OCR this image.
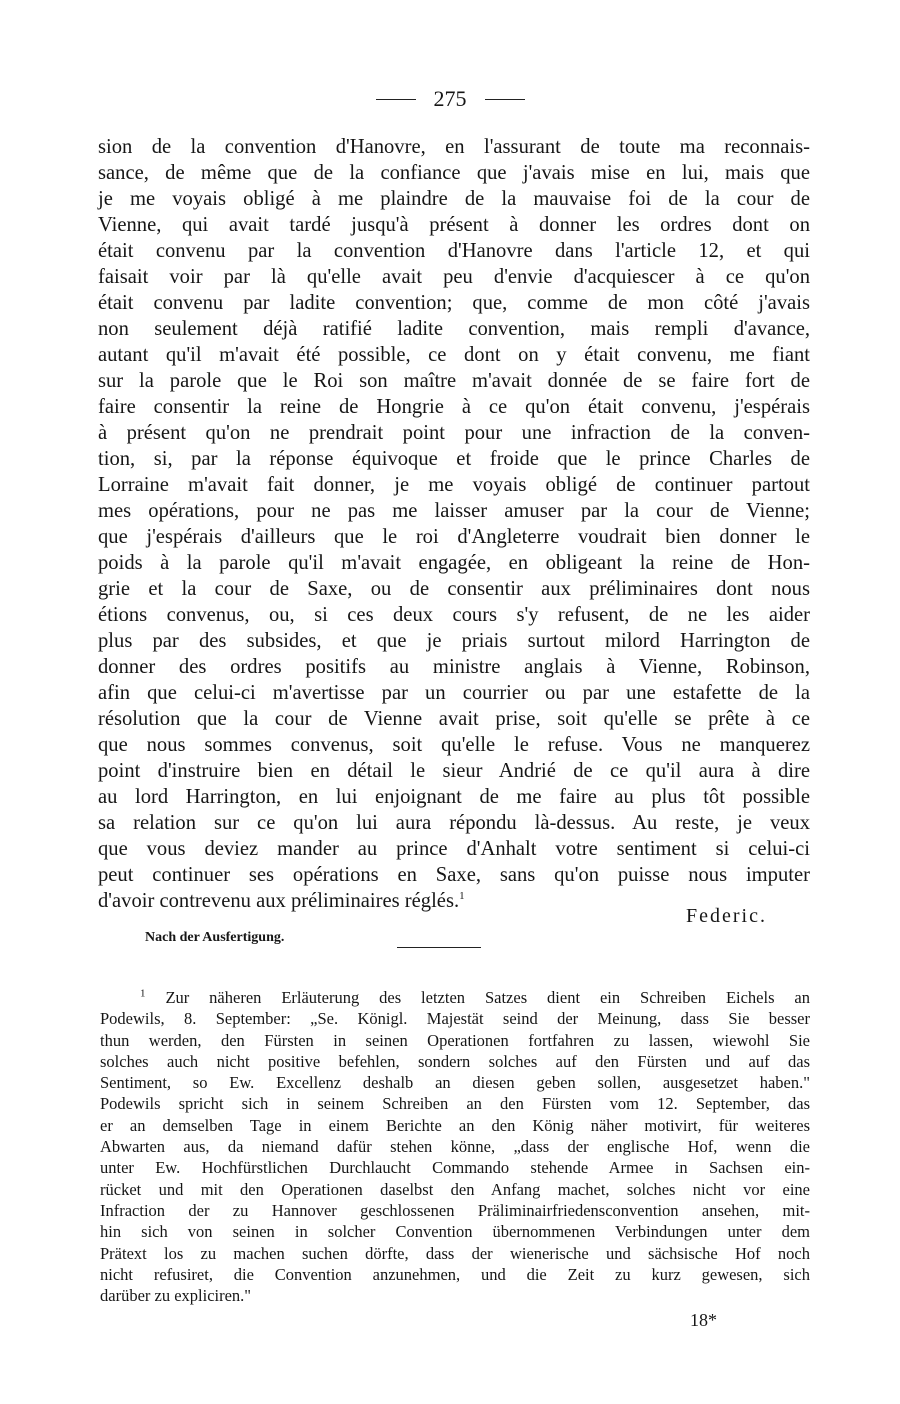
275
sion de la convention d'Hanovre, en l'assurant de toute ma reconnais-
sance, de même que de la confiance que j'avais mise en lui, mais que
je me voyais obligé à me plaindre de la mauvaise foi de la cour de
Vienne, qui avait tardé jusqu'à présent à donner les ordres dont on
était convenu par la convention d'Hanovre dans l'article 12, et qui
faisait voir par là qu'elle avait peu d'envie d'acquiescer à ce qu'on
était convenu par ladite convention; que, comme de mon côté j'avais
non seulement déjà ratifié ladite convention, mais rempli d'avance,
autant qu'il m'avait été possible, ce dont on y était convenu, me fiant
sur la parole que le Roi son maître m'avait donnée de se faire fort de
faire consentir la reine de Hongrie à ce qu'on était convenu, j'espérais
à présent qu'on ne prendrait point pour une infraction de la conven-
tion, si, par la réponse équivoque et froide que le prince Charles de
Lorraine m'avait fait donner, je me voyais obligé de continuer partout
mes opérations, pour ne pas me laisser amuser par la cour de Vienne;
que j'espérais d'ailleurs que le roi d'Angleterre voudrait bien donner le
poids à la parole qu'il m'avait engagée, en obligeant la reine de Hon-
grie et la cour de Saxe, ou de consentir aux préliminaires dont nous
étions convenus, ou, si ces deux cours s'y refusent, de ne les aider
plus par des subsides, et que je priais surtout milord Harrington de
donner des ordres positifs au ministre anglais à Vienne, Robinson,
afin que celui-ci m'avertisse par un courrier ou par une estafette de la
résolution que la cour de Vienne avait prise, soit qu'elle se prête à ce
que nous sommes convenus, soit qu'elle le refuse. Vous ne manquerez
point d'instruire bien en détail le sieur Andrié de ce qu'il aura à dire
au lord Harrington, en lui enjoignant de me faire au plus tôt possible
sa relation sur ce qu'on lui aura répondu là-dessus. Au reste, je veux
que vous deviez mander au prince d'Anhalt votre sentiment si celui-ci
peut continuer ses opérations en Saxe, sans qu'on puisse nous imputer
d'avoir contrevenu aux préliminaires réglés.$^1$
Federic.
Nach der Ausfertigung.
$^1$ Zur näheren Erläuterung des letzten Satzes dient ein Schreiben Eichels an
Podewils, 8. September: „Se. Königl. Majestät seind der Meinung, dass Sie besser
thun werden, den Fürsten in seinen Operationen fortfahren zu lassen, wiewohl Sie
solches auch nicht positive befehlen, sondern solches auf den Fürsten und auf das
Sentiment, so Ew. Excellenz deshalb an diesen geben sollen, ausgesetzet haben."
Podewils spricht sich in seinem Schreiben an den Fürsten vom 12. September, das
er an demselben Tage in einem Berichte an den König näher motivirt, für weiteres
Abwarten aus, da niemand dafür stehen könne, „dass der englische Hof, wenn die
unter Ew. Hochfürstlichen Durchlaucht Commando stehende Armee in Sachsen ein-
rücket und mit den Operationen daselbst den Anfang machet, solches nicht vor eine
Infraction der zu Hannover geschlossenen Präliminairfriedensconvention ansehen, mit-
hin sich von seinen in solcher Convention übernommenen Verbindungen unter dem
Prätext los zu machen suchen dörfte, dass der wienerische und sächsische Hof noch
nicht refusiret, die Convention anzunehmen, und die Zeit zu kurz gewesen, sich
darüber zu expliciren."
18*
